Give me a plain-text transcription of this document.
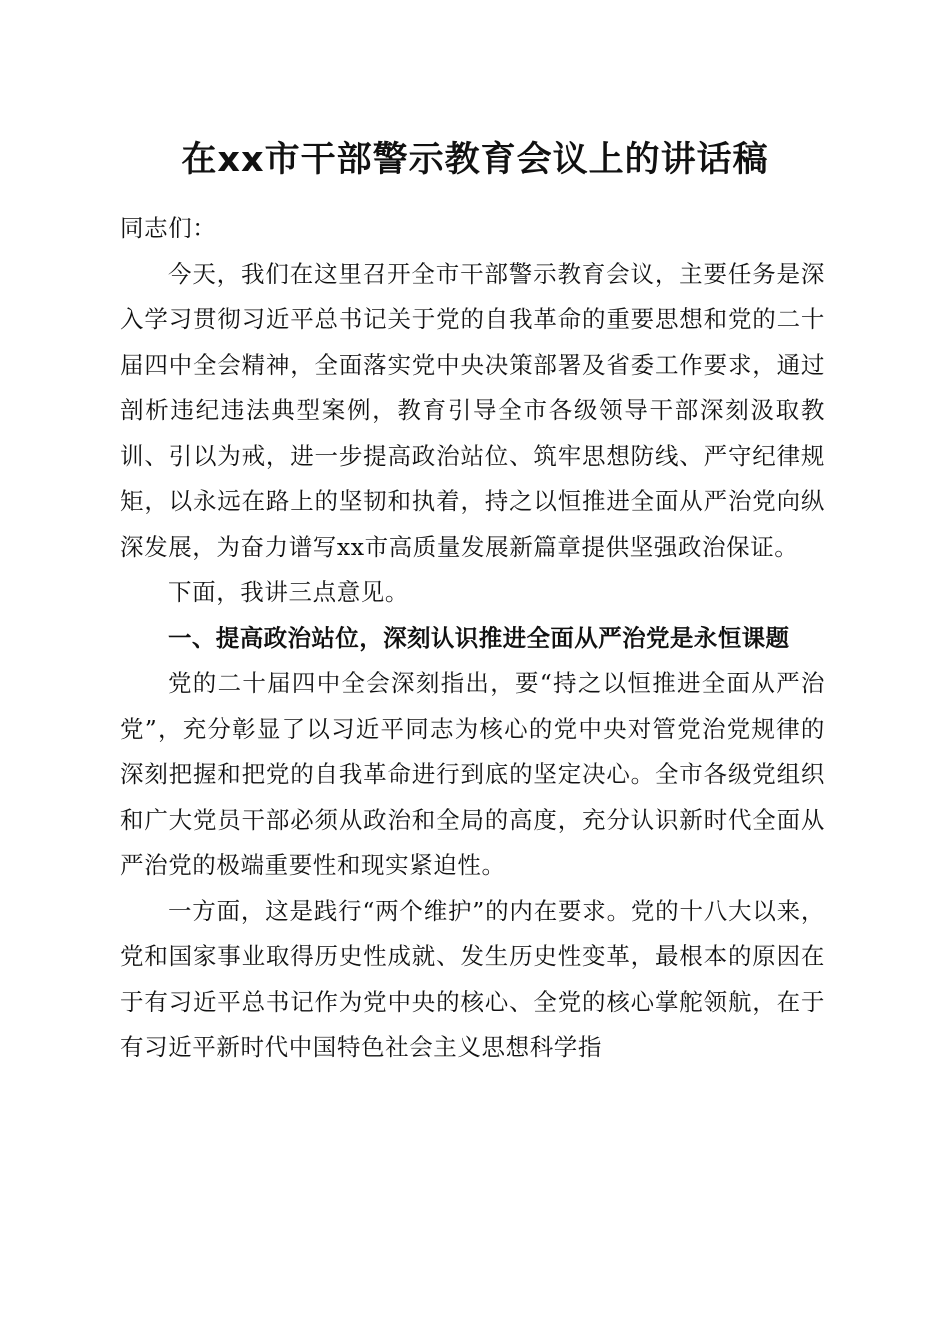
在xx市干部警示教育会议上的讲话稿

同志们：

今天，我们在这里召开全市干部警示教育会议，主要任务是深入学习贯彻习近平总书记关于党的自我革命的重要思想和党的二十届四中全会精神，全面落实党中央决策部署及省委工作要求，通过剖析违纪违法典型案例，教育引导全市各级领导干部深刻汲取教训、引以为戒，进一步提高政治站位、筑牢思想防线、严守纪律规矩，以永远在路上的坚韧和执着，持之以恒推进全面从严治党向纵深发展，为奋力谱写xx市高质量发展新篇章提供坚强政治保证。

下面，我讲三点意见。

一、提高政治站位，深刻认识推进全面从严治党是永恒课题

党的二十届四中全会深刻指出，要“持之以恒推进全面从严治党”，充分彰显了以习近平同志为核心的党中央对管党治党规律的深刻把握和把党的自我革命进行到底的坚定决心。全市各级党组织和广大党员干部必须从政治和全局的高度，充分认识新时代全面从严治党的极端重要性和现实紧迫性。

一方面，这是践行“两个维护”的内在要求。党的十八大以来，党和国家事业取得历史性成就、发生历史性变革，最根本的原因在于有习近平总书记作为党中央的核心、全党的核心掌舵领航，在于有习近平新时代中国特色社会主义思想科学指
